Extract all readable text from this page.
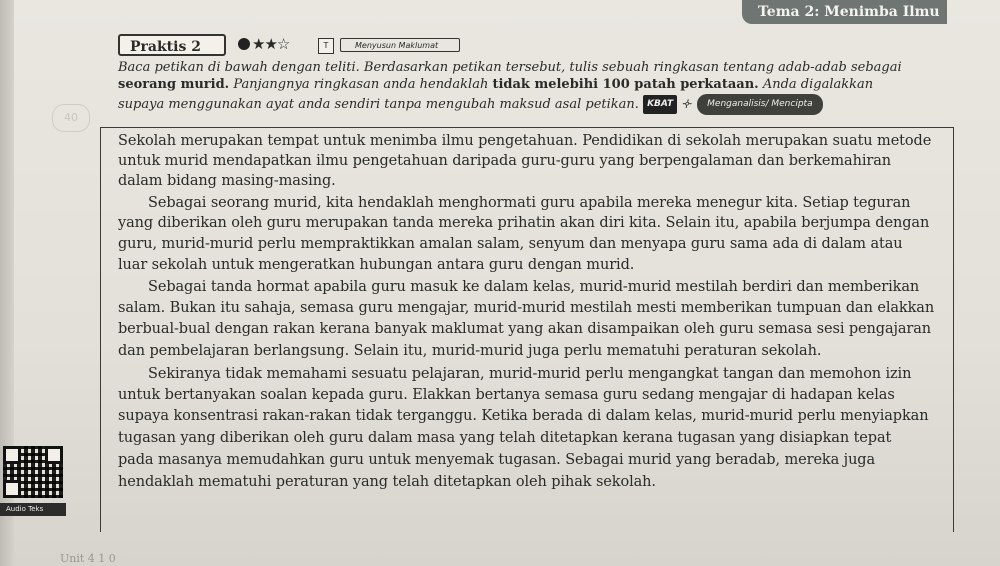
40
Tema 2: Menimba Ilmu
Praktis 2	★★☆	T	Menyusun Maklumat
Baca petikan di bawah dengan teliti. Berdasarkan petikan tersebut, tulis sebuah ringkasan tentang adab-adab sebagai
seorang murid. Panjangnya ringkasan anda hendaklah tidak melebihi 100 patah perkataan. Anda digalakkan
supaya menggunakan ayat anda sendiri tanpa mengubah maksud asal petikan. KBAT 🝊 Menganalisis/ Mencipta
Sekolah merupakan tempat untuk menimba ilmu pengetahuan. Pendidikan di sekolah merupakan suatu metode
untuk murid mendapatkan ilmu pengetahuan daripada guru-guru yang berpengalaman dan berkemahiran
dalam bidang masing-masing.
Sebagai seorang murid, kita hendaklah menghormati guru apabila mereka menegur kita. Setiap teguran
yang diberikan oleh guru merupakan tanda mereka prihatin akan diri kita. Selain itu, apabila berjumpa dengan
guru, murid-murid perlu mempraktikkan amalan salam, senyum dan menyapa guru sama ada di dalam atau
luar sekolah untuk mengeratkan hubungan antara guru dengan murid.
Sebagai tanda hormat apabila guru masuk ke dalam kelas, murid-murid mestilah berdiri dan memberikan
salam. Bukan itu sahaja, semasa guru mengajar, murid-murid mestilah mesti memberikan tumpuan dan elakkan
berbual-bual dengan rakan kerana banyak maklumat yang akan disampaikan oleh guru semasa sesi pengajaran
dan pembelajaran berlangsung. Selain itu, murid-murid juga perlu mematuhi peraturan sekolah.
Sekiranya tidak memahami sesuatu pelajaran, murid-murid perlu mengangkat tangan dan memohon izin
untuk bertanyakan soalan kepada guru. Elakkan bertanya semasa guru sedang mengajar di hadapan kelas
supaya konsentrasi rakan-rakan tidak terganggu. Ketika berada di dalam kelas, murid-murid perlu menyiapkan
tugasan yang diberikan oleh guru dalam masa yang telah ditetapkan kerana tugasan yang disiapkan tepat
pada masanya memudahkan guru untuk menyemak tugasan. Sebagai murid yang beradab, mereka juga
hendaklah mematuhi peraturan yang telah ditetapkan oleh pihak sekolah.
Audio Teks
Unit 4 1 0
